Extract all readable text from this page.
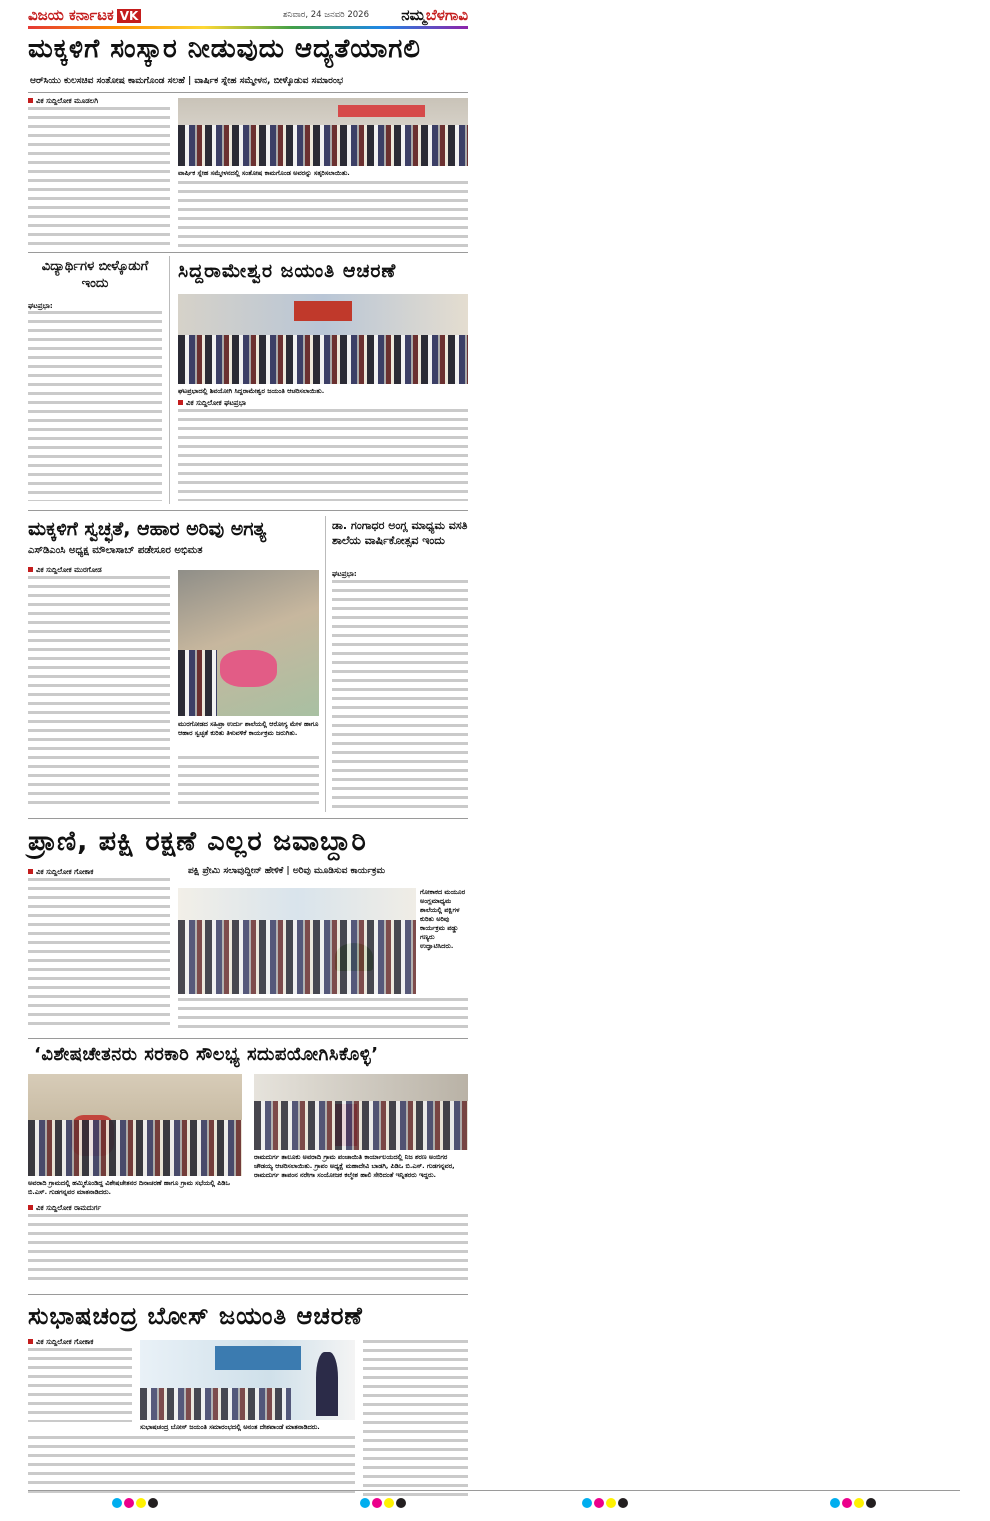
ವಿಜಯ ಕರ್ನಾಟಕ VK	ಶನಿವಾರ, 24 ಜನವರಿ 2026 ನಮ್ಮಬೆಳಗಾವಿ
ಮಕ್ಕಳಿಗೆ ಸಂಸ್ಕಾರ ನೀಡುವುದು ಆದ್ಯತೆಯಾಗಲಿ
ಆರ್‌ಸಿಯು ಕುಲಸಚಿವ ಸಂತೋಷ ಕಾಮಗೊಂಡ ಸಲಹೆ | ವಾರ್ಷಿಕ ಸ್ನೇಹ ಸಮ್ಮೇಳನ, ಬೀಳ್ಕೊಡುವ ಸಮಾರಂಭ
ವಿಕ ಸುದ್ದಿಲೋಕ ಮೂಡಲಗಿ
ವಾರ್ಷಿಕ ಸ್ನೇಹ ಸಮ್ಮೇಳನದಲ್ಲಿ ಸಂತೋಷ ಕಾಮಗೊಂಡ ಅವರನ್ನು ಸತ್ಕರಿಸಲಾಯಿತು.
ವಿದ್ಯಾರ್ಥಿಗಳ ಬೀಳ್ಕೊಡುಗೆ ಇಂದು
ಘಟಪ್ರಭಾ:
ಸಿದ್ದರಾಮೇಶ್ವರ ಜಯಂತಿ ಆಚರಣೆ
ಘಟಪ್ರಭಾದಲ್ಲಿ ಶಿವಯೋಗಿ ಸಿದ್ದರಾಮೇಶ್ವರ ಜಯಂತಿ ಆಚರಿಸಲಾಯಿತು.
ವಿಕ ಸುದ್ದಿಲೋಕ ಘಟಪ್ರಭಾ
ಮಕ್ಕಳಿಗೆ ಸ್ವಚ್ಛತೆ, ಆಹಾರ ಅರಿವು ಅಗತ್ಯ
ಎಸ್‌ಡಿಎಂಸಿ ಅಧ್ಯಕ್ಷ ಮೌಲಾಸಾಬ್ ಪಡೇಸೂರ ಅಭಿಮತ
ವಿಕ ಸುದ್ದಿಲೋಕ ಮುರಗೋಡ
ಮುರಗೋಡದ ಸಹಿಪ್ರಾ ಉರ್ದು ಶಾಲೆಯಲ್ಲಿ ಆರೋಗ್ಯ ಮೇಳ ಹಾಗೂ ಆಹಾರ ಸ್ವಚ್ಛತೆ ಕುರಿತು ತಿಳುವಳಿಕೆ ಕಾರ್ಯಕ್ರಮ ಜರುಗಿತು.
ಡಾ. ಗಂಗಾಧರ ಅಂಗ್ಲ ಮಾಧ್ಯಮ ವಸತಿ ಶಾಲೆಯ ವಾರ್ಷಿಕೋತ್ಸವ ಇಂದು
ಘಟಪ್ರಭಾ:
ಪ್ರಾಣಿ, ಪಕ್ಷಿ ರಕ್ಷಣೆ ಎಲ್ಲರ ಜವಾಬ್ದಾರಿ
ಪಕ್ಷಿ ಪ್ರೇಮಿ ಸಲಾವುದ್ದೀನ್ ಹೇಳಿಕೆ | ಅರಿವು ಮೂಡಿಸುವ ಕಾರ್ಯಕ್ರಮ
ವಿಕ ಸುದ್ದಿಲೋಕ ಗೋಕಾಕ
ಗೋಕಾಕದ ಮಯೂರ ಅಂಗ್ಲಮಾಧ್ಯಮ ಶಾಲೆಯಲ್ಲಿ ಪಕ್ಷಿಗಳ ಕುರಿತು ಅರಿವು ಕಾರ್ಯಕ್ರಮ ಪಡ್ಡು ಗಣ್ಯರು ಉದ್ಘಾಟಿಸಿದರು.
‘ವಿಶೇಷಚೇತನರು ಸರಕಾರಿ ಸೌಲಭ್ಯ ಸದುಪಯೋಗಿಸಿಕೊಳ್ಳಿ’
ಅವರಾದಿ ಗ್ರಾಮದಲ್ಲಿ ಹಮ್ಮಿಕೊಂಡಿದ್ದ ವಿಶೇಷಚೇತನರ ದಿನಾಚರಣೆ ಹಾಗೂ ಗ್ರಾಮ ಸಭೆಯಲ್ಲಿ ಪಿಡಿಒ ಬಿ.ಎಸ್. ಗುಡಗನ್ನವರ ಮಾತನಾಡಿದರು.
ರಾಮದುರ್ಗ ತಾಲೂಕು ಅವರಾದಿ ಗ್ರಾಮ ಪಂಚಾಯಿತಿ ಕಾರ್ಯಾಲಯದಲ್ಲಿ ನಿಜ ಶರಣ ಅಂಬಿಗರ ಚೌಡಯ್ಯ ಆಚರಿಸಲಾಯಿತು. ಗ್ರಾಪಂ ಅಧ್ಯಕ್ಷೆ ಮಹಾದೇವಿ ಬಾಡಗಿ, ಪಿಡಿಒ ಬಿ.ಎಸ್. ಗುಡಗನ್ನವರ, ರಾಮದುರ್ಗ ತಾಪಂನ ನರೇಗಾ ಸಂಯೋಜಕ ಕಲ್ಮೇಶ ಹಾಲಿ ಸೇರಿದಂತೆ ಇನ್ನಿತರರು ಇದ್ದರು.
ವಿಕ ಸುದ್ದಿಲೋಕ ರಾಮದುರ್ಗ
ಸುಭಾಷಚಂದ್ರ ಬೋಸ್ ಜಯಂತಿ ಆಚರಣೆ
ವಿಕ ಸುದ್ದಿಲೋಕ ಗೋಕಾಕ
ಸುಭಾಷಚಂದ್ರ ಬೋಸ್ ಜಯಂತಿ ಸಮಾರಂಭದಲ್ಲಿ ಅನಂತ ದೇಶಪಾಂಡೆ ಮಾತನಾಡಿದರು.
